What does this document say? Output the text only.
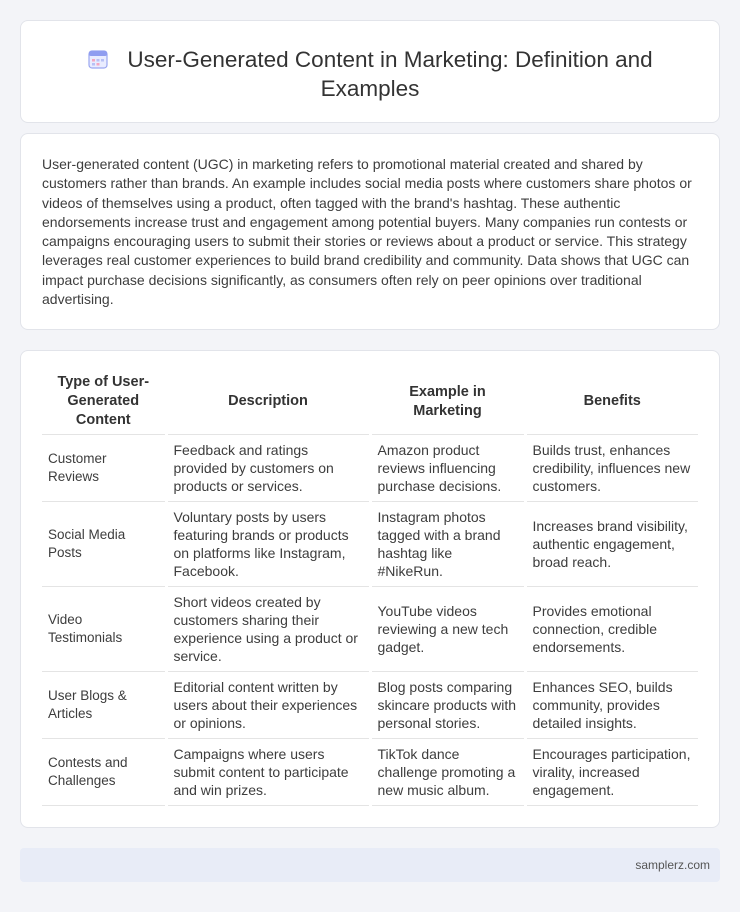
User-Generated Content in Marketing: Definition and Examples

User-generated content (UGC) in marketing refers to promotional material created and shared by customers rather than brands. An example includes social media posts where customers share photos or videos of themselves using a product, often tagged with the brand's hashtag. These authentic endorsements increase trust and engagement among potential buyers. Many companies run contests or campaigns encouraging users to submit their stories or reviews about a product or service. This strategy leverages real customer experiences to build brand credibility and community. Data shows that UGC can impact purchase decisions significantly, as consumers often rely on peer opinions over traditional advertising.

Type of User-Generated Content	Description	Example in Marketing	Benefits
Customer Reviews	Feedback and ratings provided by customers on products or services.	Amazon product reviews influencing purchase decisions.	Builds trust, enhances credibility, influences new customers.
Social Media Posts	Voluntary posts by users featuring brands or products on platforms like Instagram, Facebook.	Instagram photos tagged with a brand hashtag like #NikeRun.	Increases brand visibility, authentic engagement, broad reach.
Video Testimonials	Short videos created by customers sharing their experience using a product or service.	YouTube videos reviewing a new tech gadget.	Provides emotional connection, credible endorsements.
User Blogs & Articles	Editorial content written by users about their experiences or opinions.	Blog posts comparing skincare products with personal stories.	Enhances SEO, builds community, provides detailed insights.
Contests and Challenges	Campaigns where users submit content to participate and win prizes.	TikTok dance challenge promoting a new music album.	Encourages participation, virality, increased engagement.
samplerz.com
